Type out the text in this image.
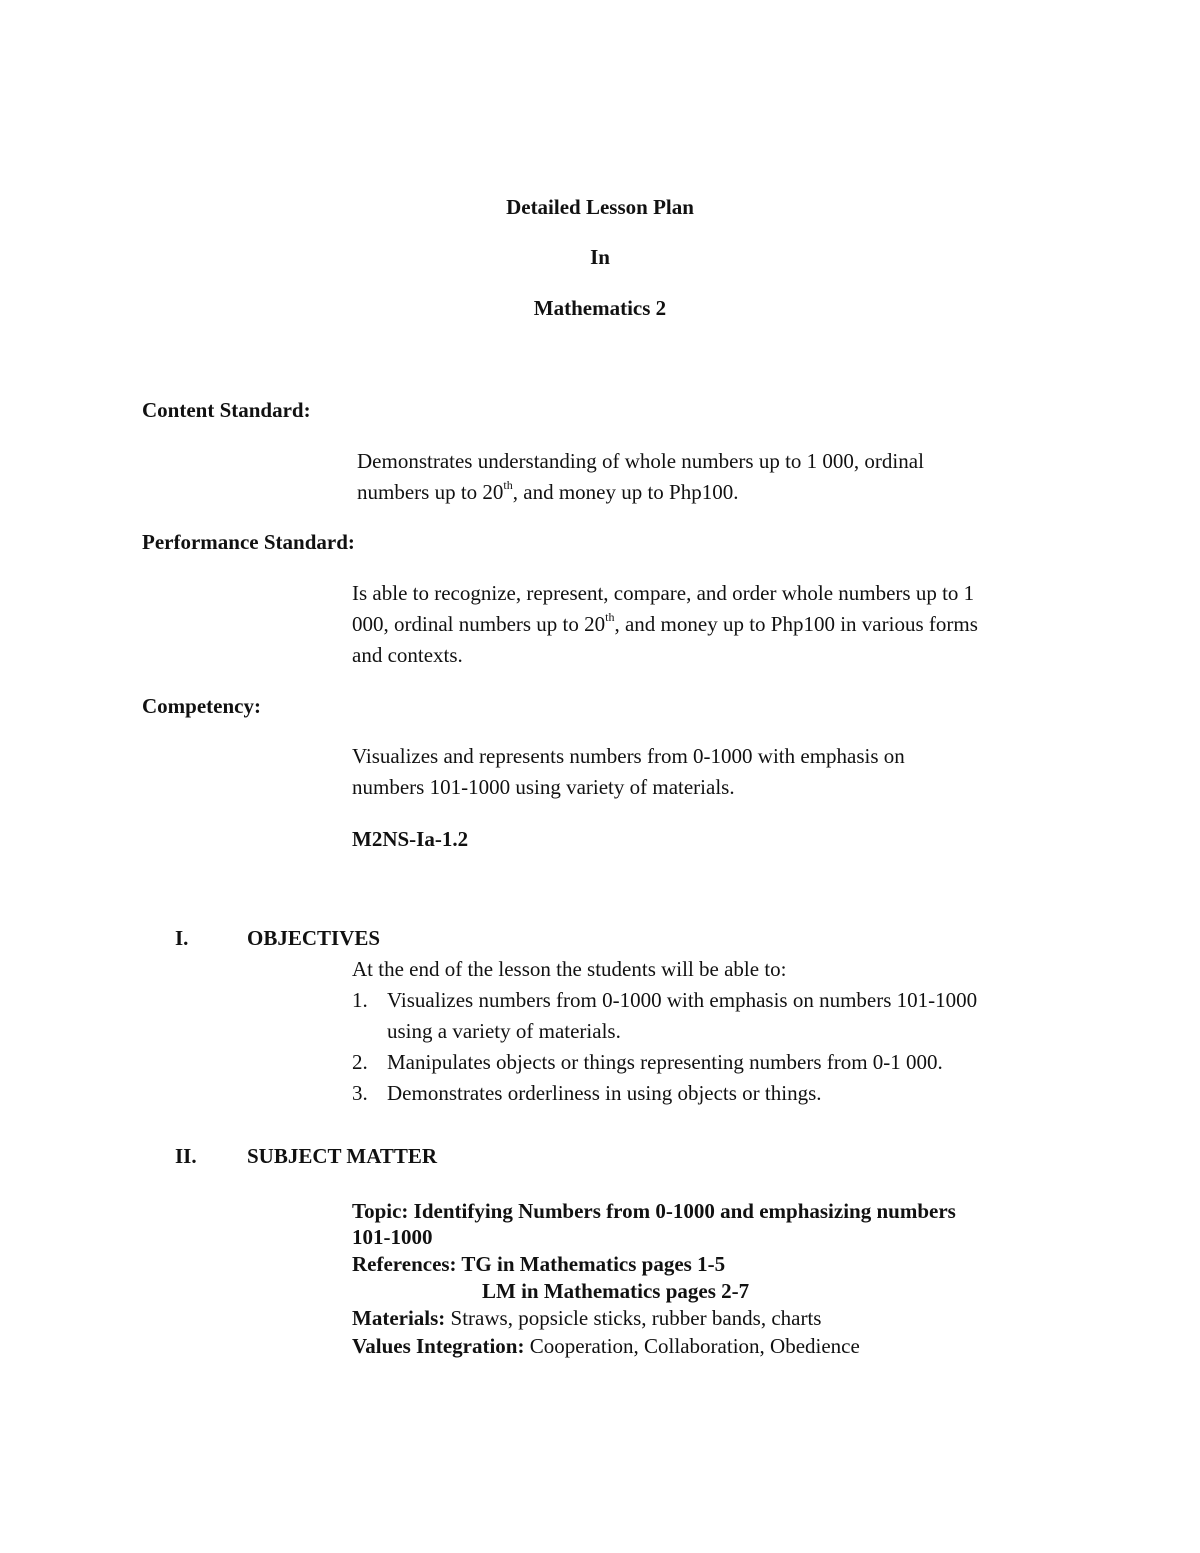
Detailed Lesson Plan
In
Mathematics 2
Content Standard:
Demonstrates understanding of whole numbers up to 1 000, ordinal
numbers up to 20th, and money up to Php100.
Performance Standard:
Is able to recognize, represent, compare, and order whole numbers up to 1
000, ordinal numbers up to 20th, and money up to Php100 in various forms
and contexts.
Competency:
Visualizes and represents numbers from 0-1000 with emphasis on
numbers 101-1000 using variety of materials.
M2NS-Ia-1.2
I.	OBJECTIVES
At the end of the lesson the students will be able to:
1. Visualizes numbers from 0-1000 with emphasis on numbers 101-1000
using a variety of materials.
2. Manipulates objects or things representing numbers from 0-1 000.
3. Demonstrates orderliness in using objects or things.
II. SUBJECT MATTER
Topic: Identifying Numbers from 0-1000 and emphasizing numbers
101-1000
References: TG in Mathematics pages 1-5
LM in Mathematics pages 2-7
Materials: Straws, popsicle sticks, rubber bands, charts
Values Integration: Cooperation, Collaboration, Obedience
